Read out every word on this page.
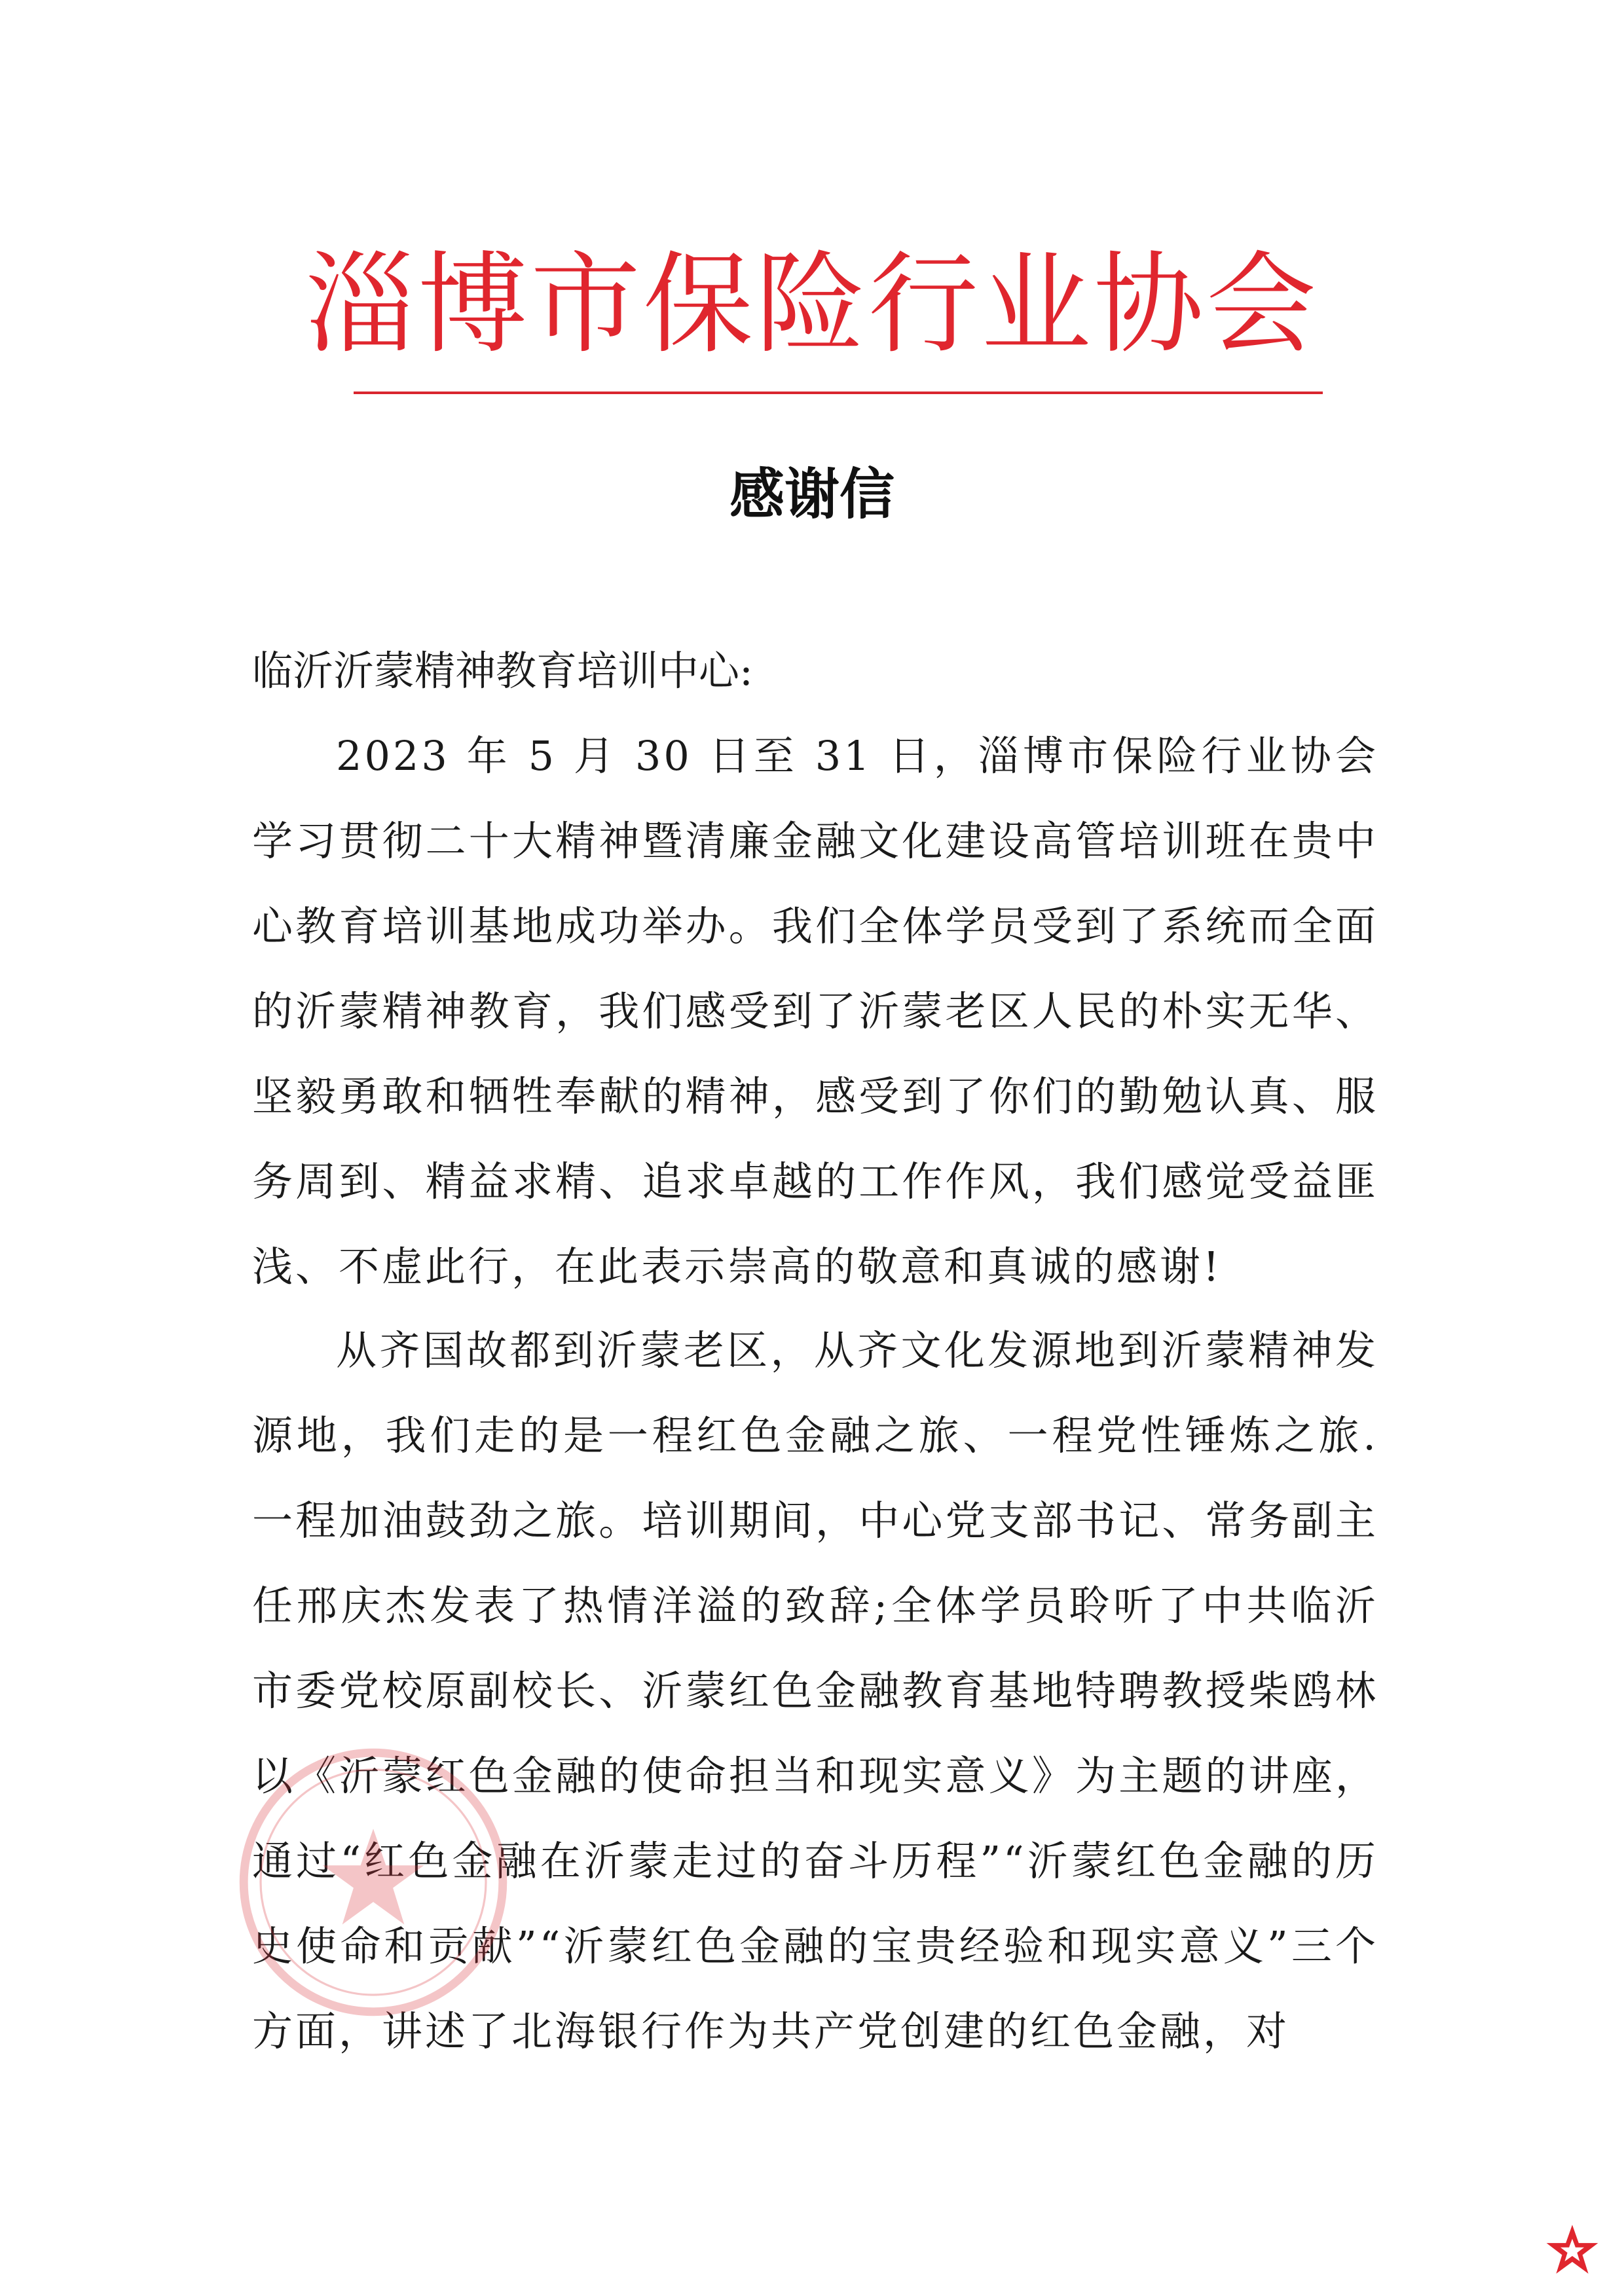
淄博市保险行业协会
感谢信
临沂沂蒙精神教育培训中心:

2023 年 5 月 30 日至 31 日，淄博市保险行业协会学习贯彻二十大精神暨清廉金融文化建设高管培训班在贵中心教育培训基地成功举办。我们全体学员受到了系统而全面的沂蒙精神教育，我们感受到了沂蒙老区人民的朴实无华、坚毅勇敢和牺牲奉献的精神，感受到了你们的勤勉认真、服务周到、精益求精、追求卓越的工作作风，我们感觉受益匪浅、不虚此行，在此表示崇高的敬意和真诚的感谢!

从齐国故都到沂蒙老区，从齐文化发源地到沂蒙精神发源地，我们走的是一程红色金融之旅、一程党性锤炼之旅.一程加油鼓劲之旅。培训期间，中心党支部书记、常务副主任邢庆杰发表了热情洋溢的致辞;全体学员聆听了中共临沂市委党校原副校长、沂蒙红色金融教育基地特聘教授柴鸥林以《沂蒙红色金融的使命担当和现实意义》为主题的讲座，通过“红色金融在沂蒙走过的奋斗历程”“沂蒙红色金融的历史使命和贡献”“沂蒙红色金融的宝贵经验和现实意义”三个方面，讲述了北海银行作为共产党创建的红色金融，对
